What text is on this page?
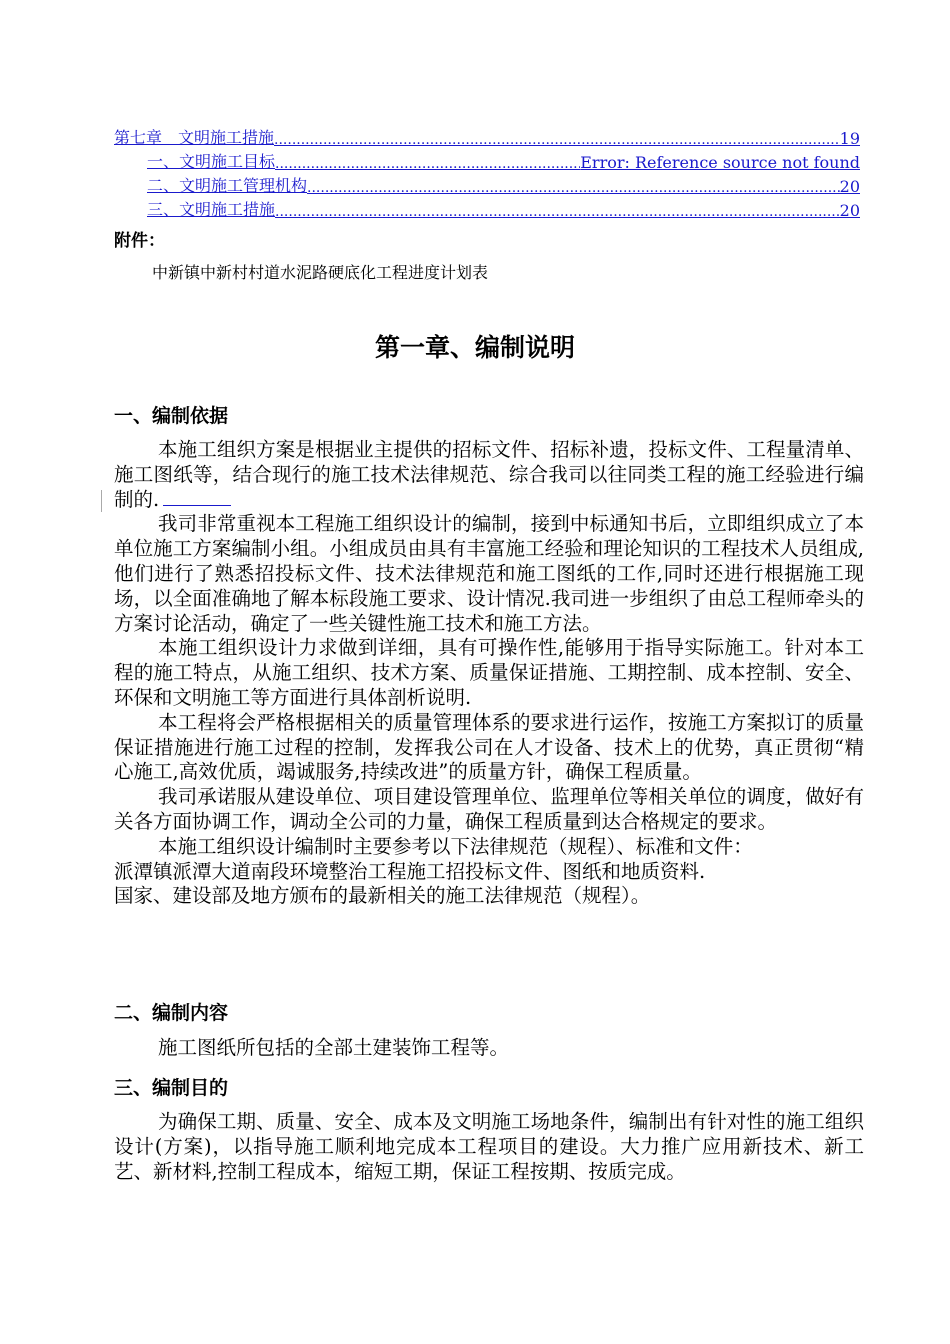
第七章　文明施工措施 .....	19
一、文明施工目标 .....	Error: Reference source not found
二、文明施工管理机构 .....	20
三、文明施工措施 .....	20
附件：
中新镇中新村村道水泥路硬底化工程进度计划表
第一章、编制说明
一、编制依据

本施工组织方案是根据业主提供的招标文件、招标补遗，投标文件、工程量清单、施工图纸等，结合现行的施工技术法律规范、综合我司以往同类工程的施工经验进行编制的.

我司非常重视本工程施工组织设计的编制，接到中标通知书后，立即组织成立了本单位施工方案编制小组。小组成员由具有丰富施工经验和理论知识的工程技术人员组成,他们进行了熟悉招投标文件、技术法律规范和施工图纸的工作,同时还进行根据施工现场，以全面准确地了解本标段施工要求、设计情况.我司进一步组织了由总工程师牵头的方案讨论活动，确定了一些关键性施工技术和施工方法。

本施工组织设计力求做到详细，具有可操作性,能够用于指导实际施工。针对本工程的施工特点，从施工组织、技术方案、质量保证措施、工期控制、成本控制、安全、环保和文明施工等方面进行具体剖析说明.

本工程将会严格根据相关的质量管理体系的要求进行运作，按施工方案拟订的质量保证措施进行施工过程的控制，发挥我公司在人才设备、技术上的优势，真正贯彻“精心施工,高效优质，竭诚服务,持续改进”的质量方针，确保工程质量。

我司承诺服从建设单位、项目建设管理单位、监理单位等相关单位的调度，做好有关各方面协调工作，调动全公司的力量，确保工程质量到达合格规定的要求。

本施工组织设计编制时主要参考以下法律规范（规程）、标准和文件：

派潭镇派潭大道南段环境整治工程施工招投标文件、图纸和地质资料.

国家、建设部及地方颁布的最新相关的施工法律规范（规程）。

二、编制内容

施工图纸所包括的全部土建装饰工程等。

三、编制目的

为确保工期、质量、安全、成本及文明施工场地条件，编制出有针对性的施工组织设计(方案)，以指导施工顺利地完成本工程项目的建设。大力推广应用新技术、新工艺、新材料,控制工程成本，缩短工期，保证工程按期、按质完成。
